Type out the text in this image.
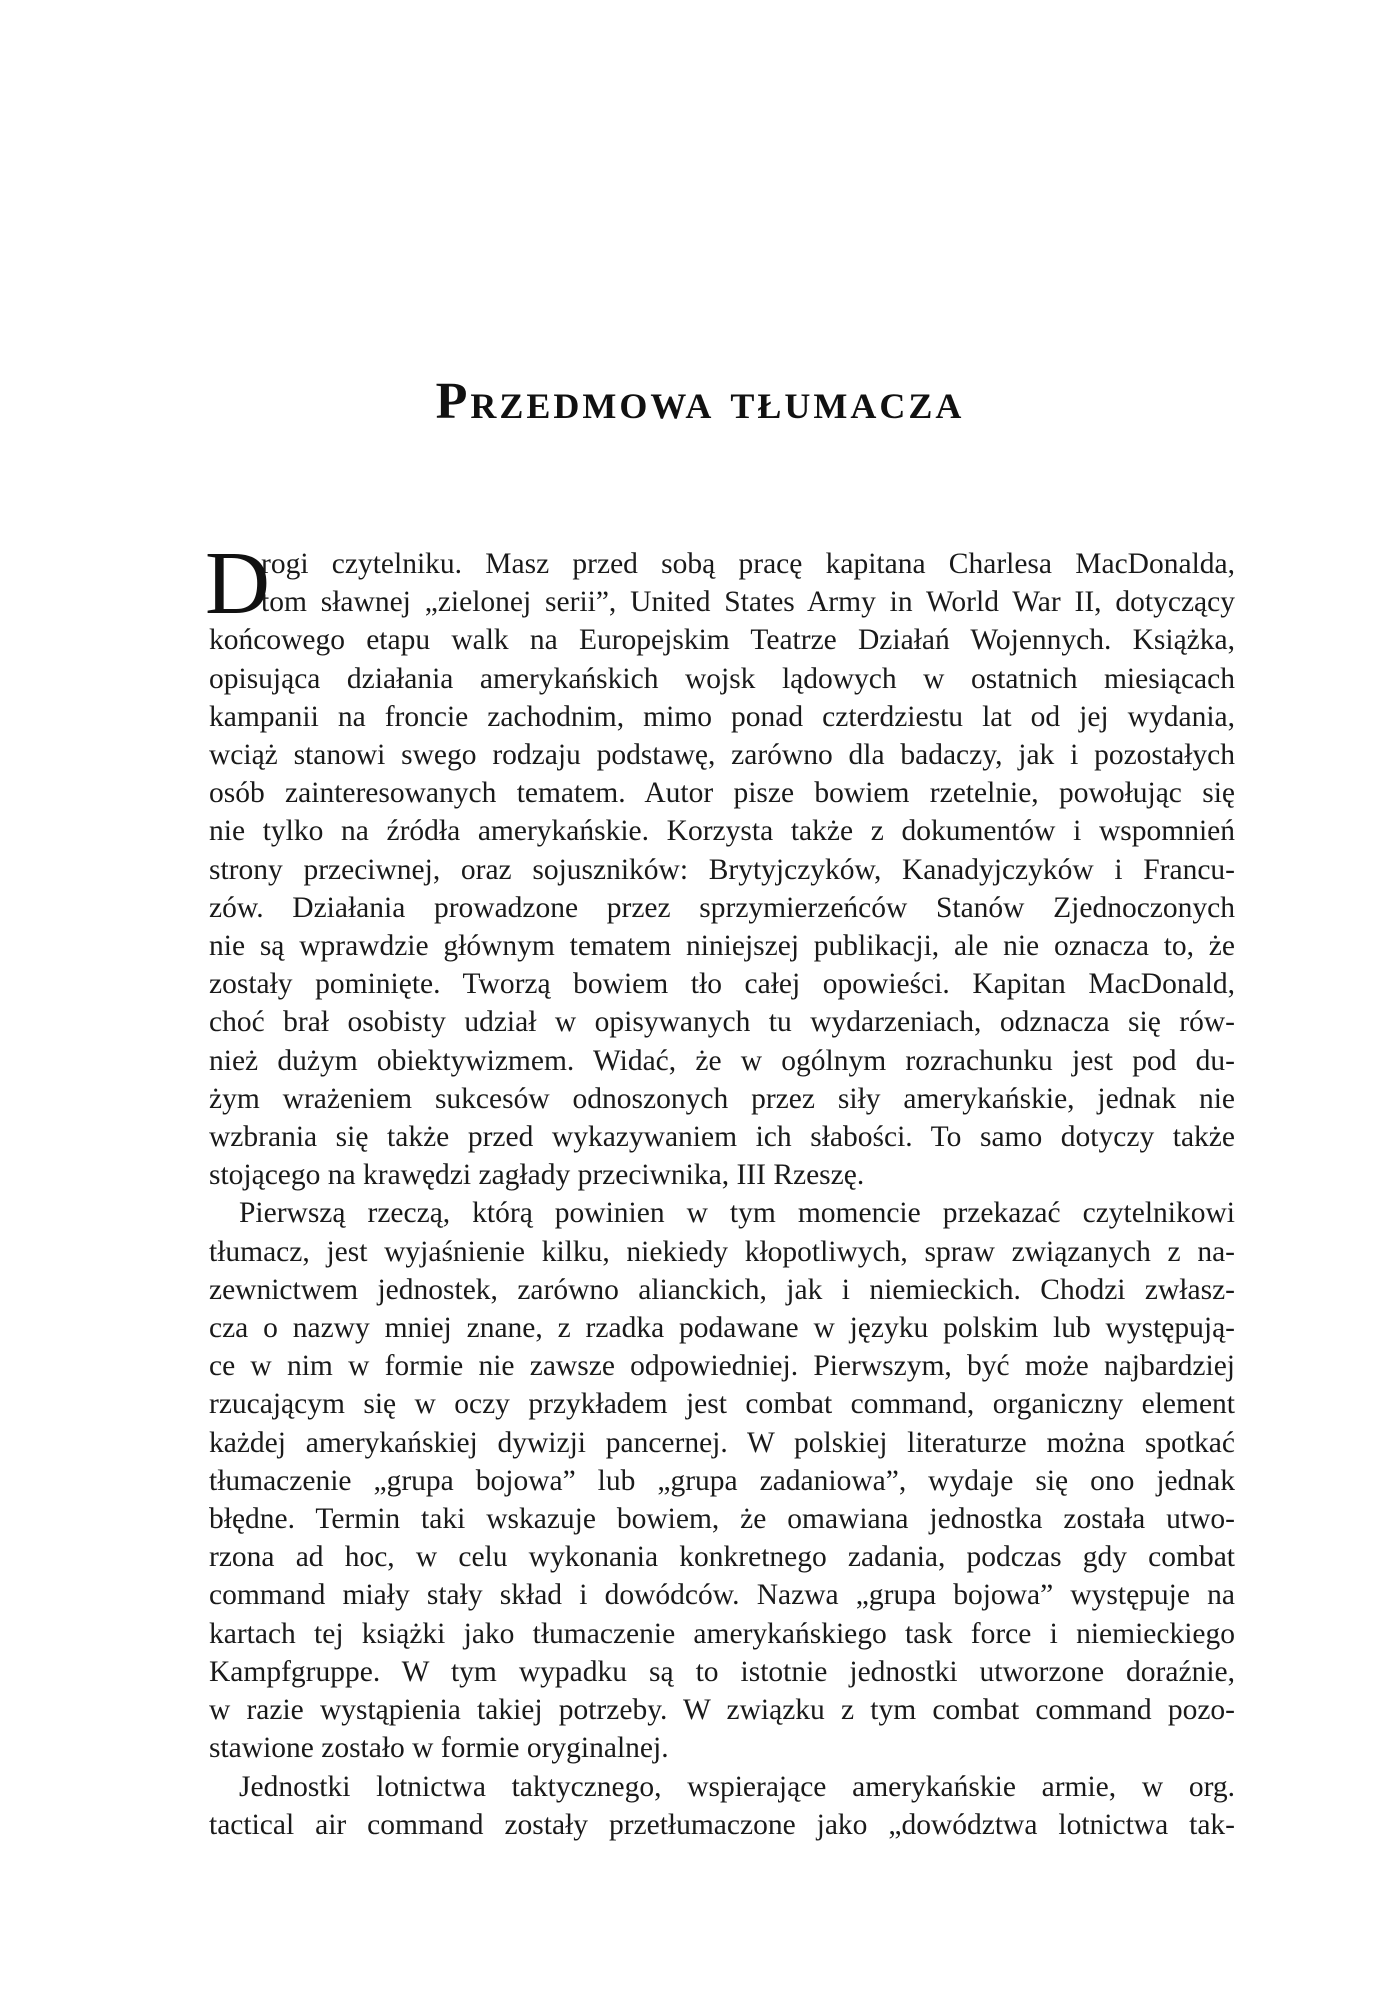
Przedmowa tłumacza
D
rogi czytelniku. Masz przed sobą pracę kapitana Charlesa MacDonalda,
tom sławnej „zielonej serii”, United States Army in World War II, dotyczący
końcowego etapu walk na Europejskim Teatrze Działań Wojennych. Książka,
opisująca działania amerykańskich wojsk lądowych w ostatnich miesiącach
kampanii na froncie zachodnim, mimo ponad czterdziestu lat od jej wydania,
wciąż stanowi swego rodzaju podstawę, zarówno dla badaczy, jak i pozostałych
osób zainteresowanych tematem. Autor pisze bowiem rzetelnie, powołując się
nie tylko na źródła amerykańskie. Korzysta także z dokumentów i wspomnień
strony przeciwnej, oraz sojuszników: Brytyjczyków, Kanadyjczyków i Francu-
zów. Działania prowadzone przez sprzymierzeńców Stanów Zjednoczonych
nie są wprawdzie głównym tematem niniejszej publikacji, ale nie oznacza to, że
zostały pominięte. Tworzą bowiem tło całej opowieści. Kapitan MacDonald,
choć brał osobisty udział w opisywanych tu wydarzeniach, odznacza się rów-
nież dużym obiektywizmem. Widać, że w ogólnym rozrachunku jest pod du-
żym wrażeniem sukcesów odnoszonych przez siły amerykańskie, jednak nie
wzbrania się także przed wykazywaniem ich słabości. To samo dotyczy także
stojącego na krawędzi zagłady przeciwnika, III Rzeszę.
Pierwszą rzeczą, którą powinien w tym momencie przekazać czytelnikowi
tłumacz, jest wyjaśnienie kilku, niekiedy kłopotliwych, spraw związanych z na-
zewnictwem jednostek, zarówno alianckich, jak i niemieckich. Chodzi zwłasz-
cza o nazwy mniej znane, z rzadka podawane w języku polskim lub występują-
ce w nim w formie nie zawsze odpowiedniej. Pierwszym, być może najbardziej
rzucającym się w oczy przykładem jest combat command, organiczny element
każdej amerykańskiej dywizji pancernej. W polskiej literaturze można spotkać
tłumaczenie „grupa bojowa” lub „grupa zadaniowa”, wydaje się ono jednak
błędne. Termin taki wskazuje bowiem, że omawiana jednostka została utwo-
rzona ad hoc, w celu wykonania konkretnego zadania, podczas gdy combat
command miały stały skład i dowódców. Nazwa „grupa bojowa” występuje na
kartach tej książki jako tłumaczenie amerykańskiego task force i niemieckiego
Kampfgruppe. W tym wypadku są to istotnie jednostki utworzone doraźnie,
w razie wystąpienia takiej potrzeby. W związku z tym combat command pozo-
stawione zostało w formie oryginalnej.
Jednostki lotnictwa taktycznego, wspierające amerykańskie armie, w org.
tactical air command zostały przetłumaczone jako „dowództwa lotnictwa tak-
